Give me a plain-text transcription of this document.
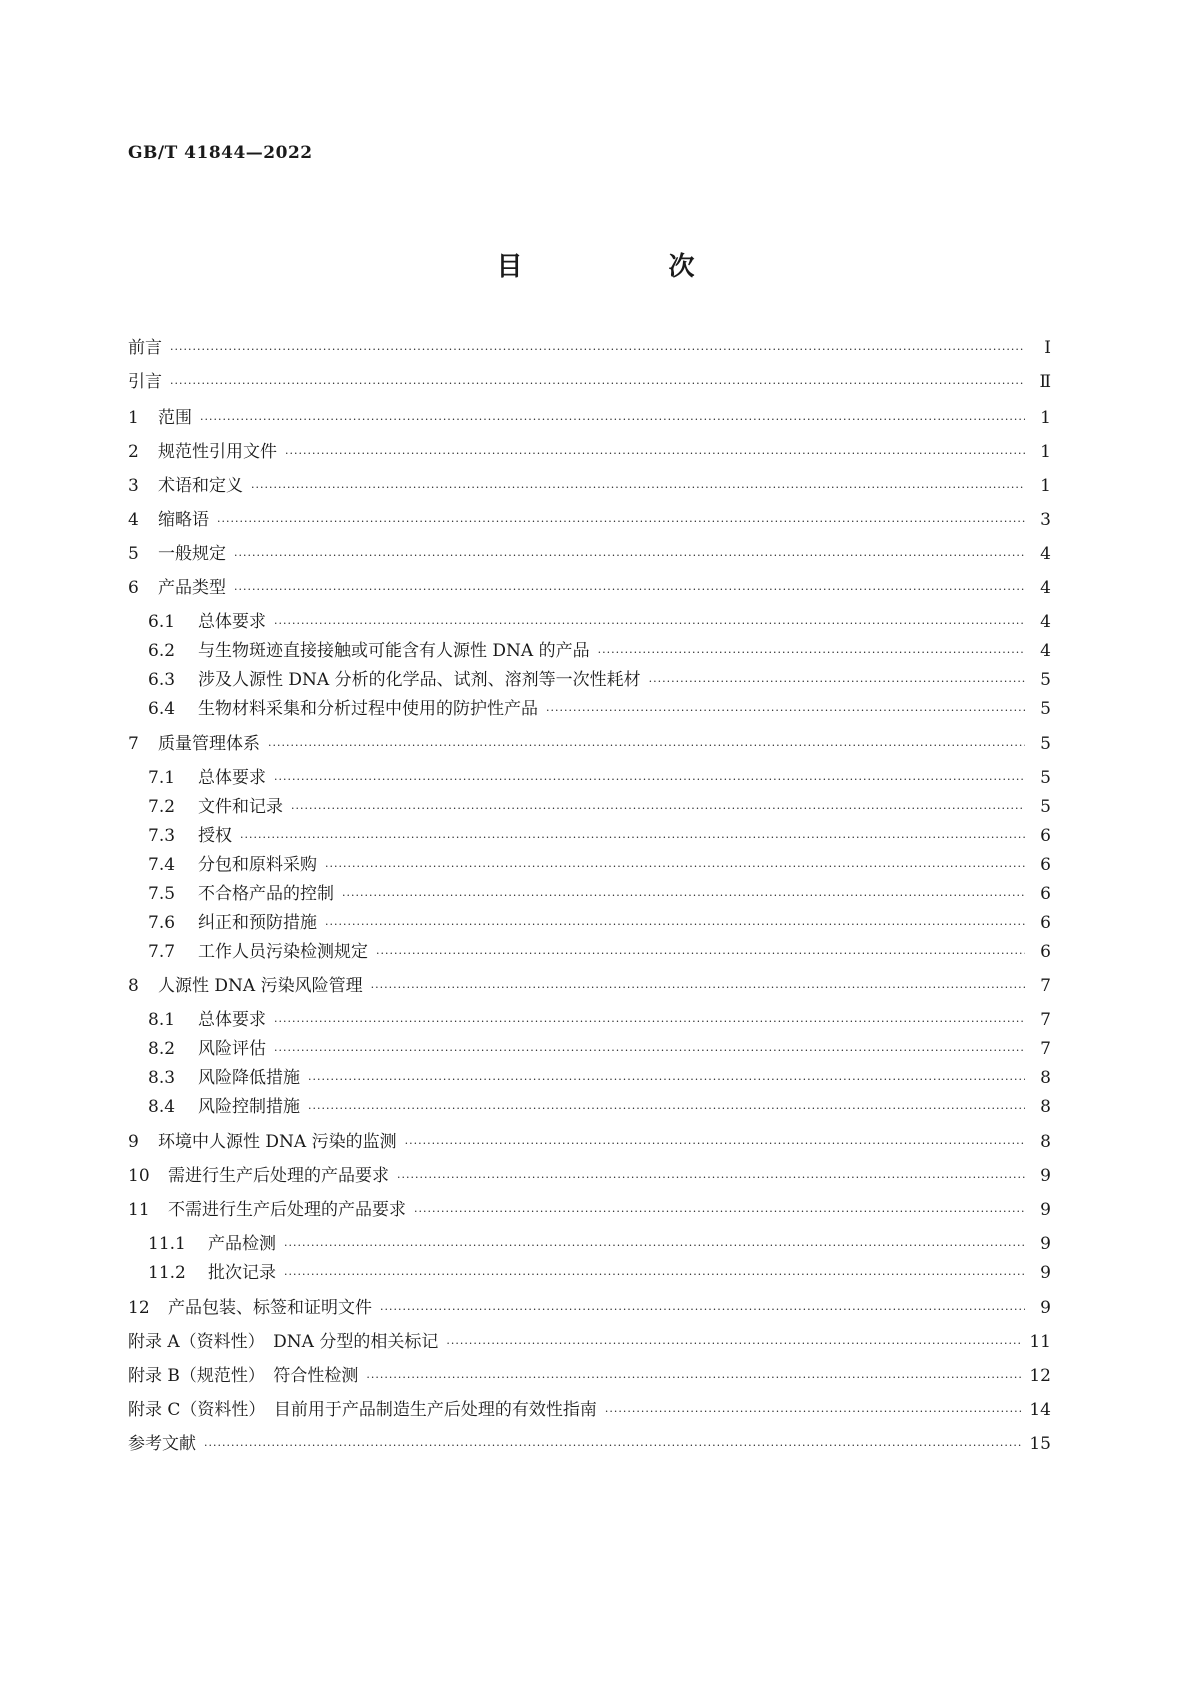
GB/T 41844—2022
目　次
前言 ·····	Ⅰ
引言 ·····	Ⅱ
1	范围 ·····	1
2	规范性引用文件 ·····	1
3	术语和定义 ·····	1
4	缩略语 ·····	3
5	一般规定 ·····	4
6	产品类型 ·····	4
6.1	总体要求 ·····	4
6.2	与生物斑迹直接接触或可能含有人源性 DNA 的产品 ·····	4
6.3	涉及人源性 DNA 分析的化学品、试剂、溶剂等一次性耗材 ·····	5
6.4	生物材料采集和分析过程中使用的防护性产品 ·····	5
7	质量管理体系 ·····	5
7.1	总体要求 ·····	5
7.2	文件和记录 ·····	5
7.3	授权 ·····	6
7.4	分包和原料采购 ·····	6
7.5	不合格产品的控制 ·····	6
7.6	纠正和预防措施 ·····	6
7.7	工作人员污染检测规定 ·····	6
8	人源性 DNA 污染风险管理 ·····	7
8.1	总体要求 ·····	7
8.2	风险评估 ·····	7
8.3	风险降低措施 ·····	8
8.4	风险控制措施 ·····	8
9	环境中人源性 DNA 污染的监测 ·····	8
10	需进行生产后处理的产品要求 ·····	9
11	不需进行生产后处理的产品要求 ·····	9
11.1	产品检测 ·····	9
11.2	批次记录 ·····	9
12	产品包装、标签和证明文件 ·····	9
附录 A（资料性）　DNA 分型的相关标记 ·····	11
附录 B（规范性）　符合性检测 ·····	12
附录 C（资料性）　目前用于产品制造生产后处理的有效性指南 ·····	14
参考文献 ·····	15
